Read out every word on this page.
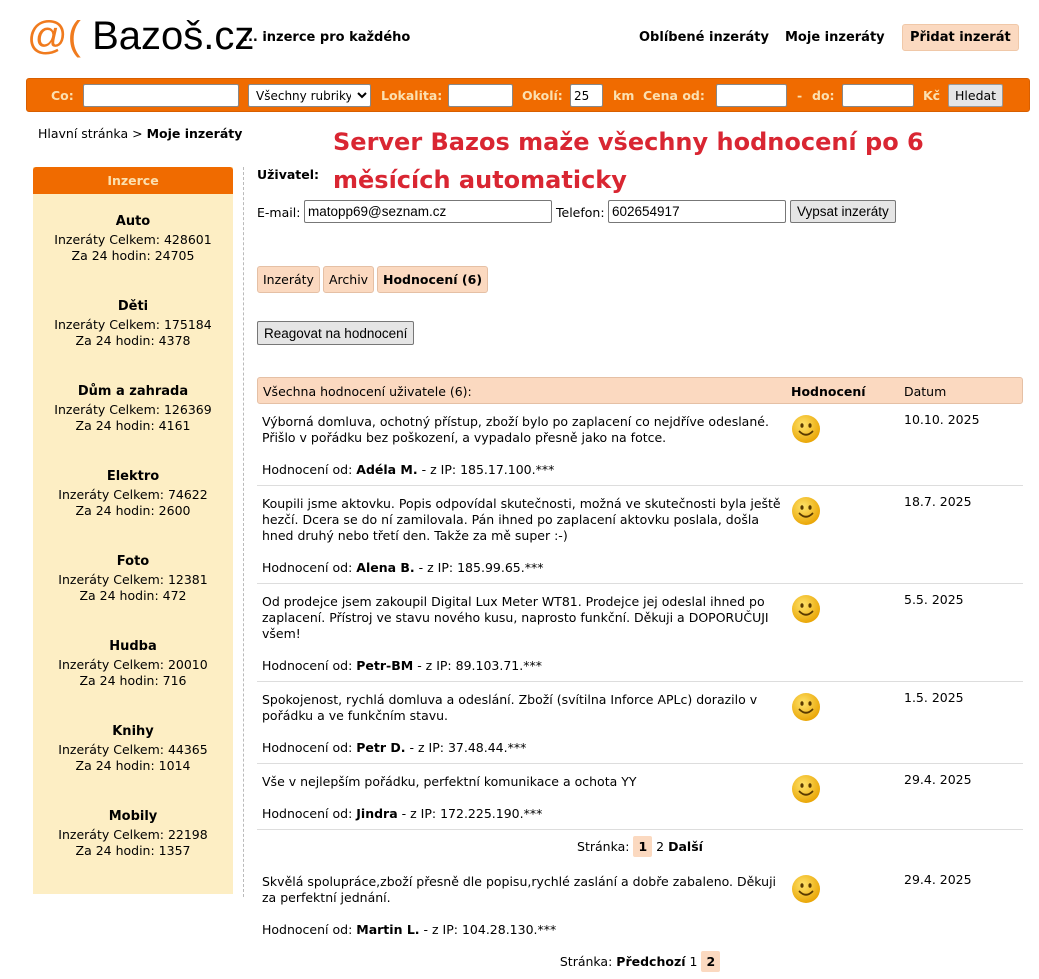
@( Bazoš.cz
... inzerce pro každého	Oblíbené inzeráty Moje inzeráty	Přidat inzerát
Co:
Všechny rubriky	Lokalita:	Okolí:
25	km Cena od:	- do:	Kč	Hledat
Hlavní stránka > Moje inzeráty	Server Bazos maže všechny hodnocení po 6 měsících automaticky
Inzerce
Auto
Inzeráty Celkem: 428601
Za 24 hodin: 24705
Děti
Inzeráty Celkem: 175184
Za 24 hodin: 4378
Dům a zahrada
Inzeráty Celkem: 126369
Za 24 hodin: 4161
Elektro
Inzeráty Celkem: 74622
Za 24 hodin: 2600
Foto
Inzeráty Celkem: 12381
Za 24 hodin: 472
Hudba
Inzeráty Celkem: 20010
Za 24 hodin: 716
Knihy
Inzeráty Celkem: 44365
Za 24 hodin: 1014
Mobily
Inzeráty Celkem: 22198
Za 24 hodin: 1357
Uživatel:
E-mail:
matopp69@seznam.cz	Telefon:
602654917	Vypsat inzeráty
Inzeráty	Archiv	Hodnocení (6)
Reagovat na hodnocení
Všechna hodnocení uživatele (6):	Hodnocení	Datum
Výborná domluva, ochotný přístup, zboží bylo po zaplacení co nejdříve odeslané. Přišlo v pořádku bez poškození, a vypadalo přesně jako na fotce.
Hodnocení od: Adéla M. - z IP: 185.17.100.***
10.10. 2025
Koupili jsme aktovku. Popis odpovídal skutečnosti, možná ve skutečnosti byla ještě hezčí. Dcera se do ní zamilovala. Pán ihned po zaplacení aktovku poslala, došla hned druhý nebo třetí den. Takže za mě super :-)
Hodnocení od: Alena B. - z IP: 185.99.65.***
18.7. 2025
Od prodejce jsem zakoupil Digital Lux Meter WT81. Prodejce jej odeslal ihned po zaplacení. Přístroj ve stavu nového kusu, naprosto funkční. Děkuji a DOPORUČUJI všem!
Hodnocení od: Petr-BM - z IP: 89.103.71.***
5.5. 2025
Spokojenost, rychlá domluva a odeslání. Zboží (svítilna Inforce APLc) dorazilo v pořádku a ve funkčním stavu.
Hodnocení od: Petr D. - z IP: 37.48.44.***
1.5. 2025
Vše v nejlepším pořádku, perfektní komunikace a ochota YY
Hodnocení od: Jindra - z IP: 172.225.190.***
29.4. 2025
Stránka: 1 2 Další
Skvělá spolupráce,zboží přesně dle popisu,rychlé zaslání a dobře zabaleno. Děkuji za perfektní jednání.
Hodnocení od: Martin L. - z IP: 104.28.130.***
29.4. 2025
Stránka: Předchozí 1 2
